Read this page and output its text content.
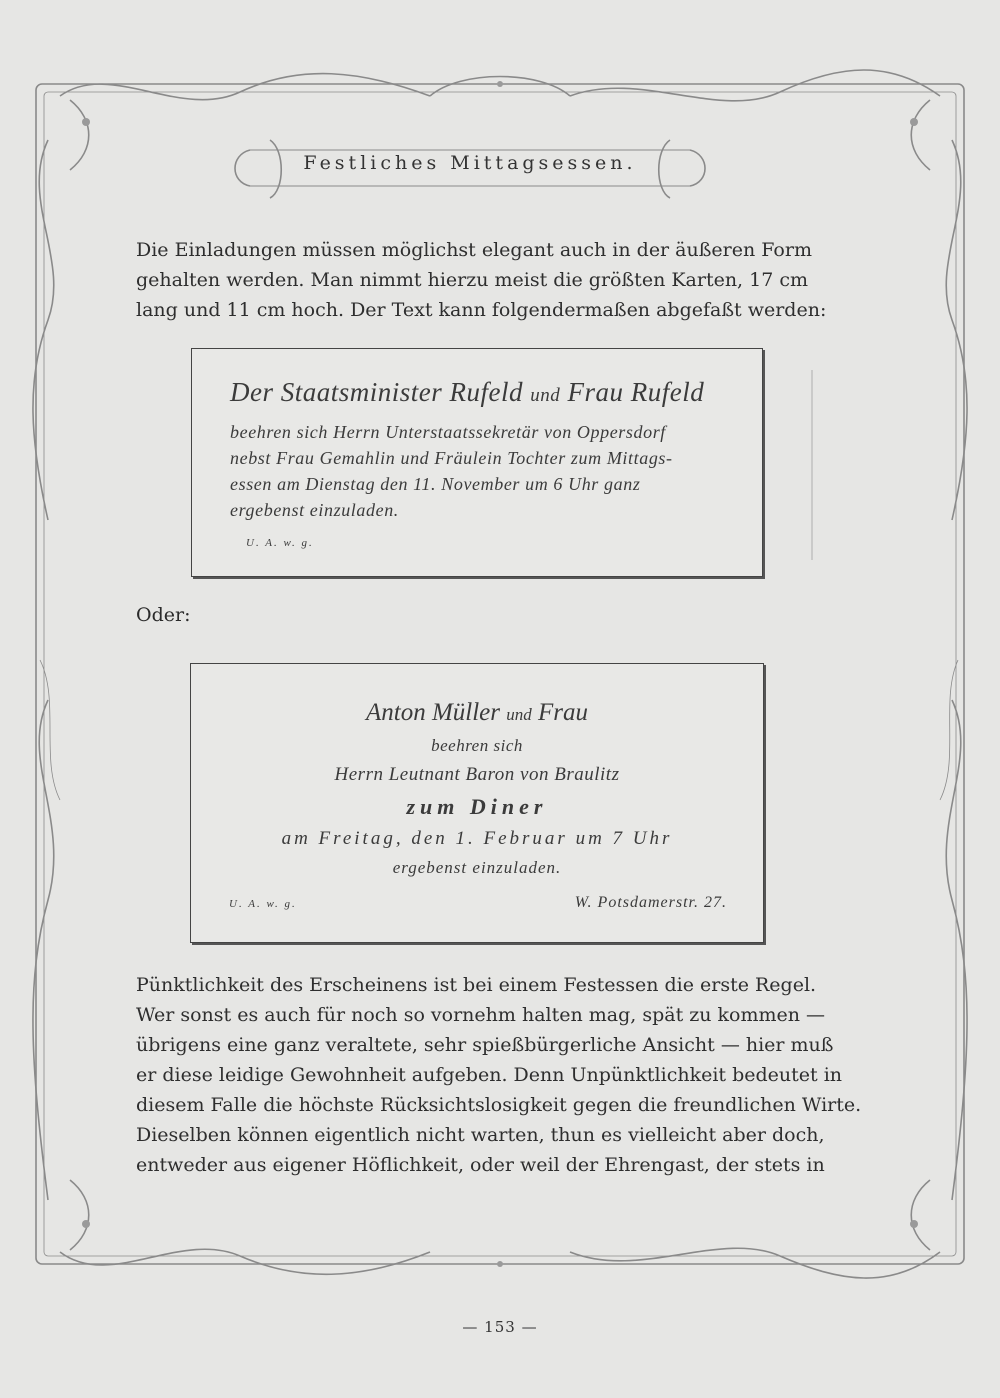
Festliches Mittagsessen.
Die Einladungen müssen möglichst elegant auch in der äußeren Form
gehalten werden. Man nimmt hierzu meist die größten Karten, 17 cm
lang und 11 cm hoch. Der Text kann folgendermaßen abgefaßt werden:
Der Staatsminister Rufeld und Frau Rufeld
beehren sich Herrn Unterstaatssekretär von Oppersdorf
nebst Frau Gemahlin und Fräulein Tochter zum Mittags-
essen am Dienstag den 11. November um 6 Uhr ganz
ergebenst einzuladen.
U. A. w. g.
Oder:
Anton Müller und Frau
beehren sich
Herrn Leutnant Baron von Braulitz
zum Diner
am Freitag, den 1. Februar um 7 Uhr
ergebenst einzuladen.
U. A. w. g.	W. Potsdamerstr. 27.
Pünktlichkeit des Erscheinens ist bei einem Festessen die erste Regel.
Wer sonst es auch für noch so vornehm halten mag, spät zu kommen —
übrigens eine ganz veraltete, sehr spießbürgerliche Ansicht — hier muß
er diese leidige Gewohnheit aufgeben. Denn Unpünktlichkeit bedeutet in
diesem Falle die höchste Rücksichtslosigkeit gegen die freundlichen Wirte.
Dieselben können eigentlich nicht warten, thun es vielleicht aber doch,
entweder aus eigener Höflichkeit, oder weil der Ehrengast, der stets in
— 153 —
